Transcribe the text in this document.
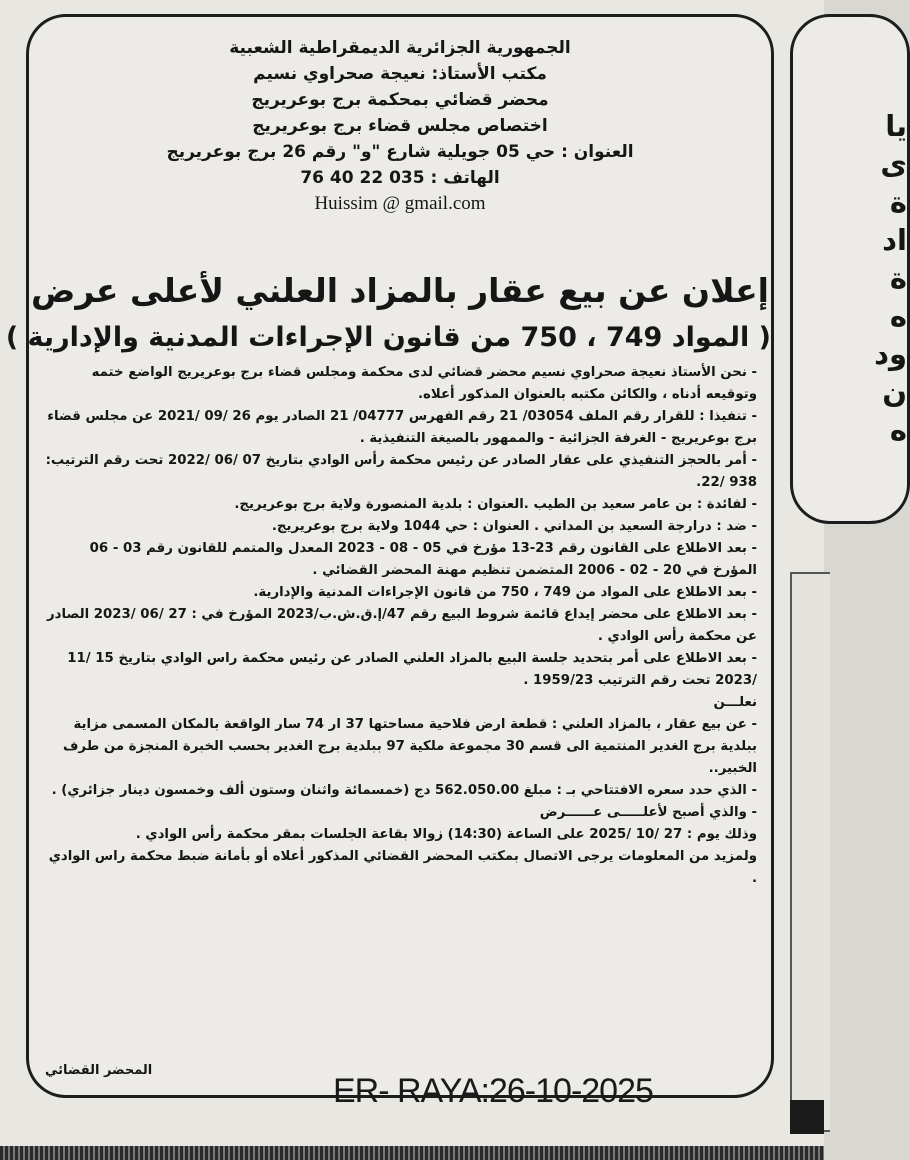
الجمهورية الجزائرية الديمقراطية الشعبية
مكتب الأستاذ: نعيجة صحراوي نسيم
محضر قضائي بمحكمة برج بوعريريج
اختصاص مجلس قضاء برج بوعريريج
العنوان : حي 05 جويلية شارع "و" رقم 26 برج بوعريريج
الهاتف : 035 22 40 76
Huissim @ gmail.com
إعلان عن بيع عقار بالمزاد العلني لأعلى عرض
( المواد 749 ، 750 من قانون الإجراءات المدنية والإدارية )

- نحن الأستاذ نعيجة صحراوي نسيم محضر قضائي لدى محكمة ومجلس قضاء برج بوعريريج الواضع ختمه وتوقيعه أدناه ، والكائن مكتبه بالعنوان المذكور أعلاه.

- تنفيذا : للقرار رقم الملف 03054/ 21 رقم الفهرس 04777/ 21 الصادر يوم 26 /09 /2021 عن مجلس قضاء برج بوعريريج - الغرفة الجزائية - والممهور بالصيغة التنفيذية .

- أمر بالحجز التنفيذي على عقار الصادر عن رئيس محكمة رأس الوادي بتاريخ 07 /06 /2022 تحت رقم الترتيب: 938 /22.

- لفائدة : بن عامر سعيد بن الطيب .العنوان : بلدية المنصورة ولاية برج بوعريريج.

- ضد : درارجة السعيد بن المداني . العنوان : حي 1044 ولاية برج بوعريريج.

- بعد الاطلاع على القانون رقم 23-13 مؤرخ في 05 - 08 - 2023 المعدل والمتمم للقانون رقم 03 - 06 المؤرخ في 20 - 02 - 2006 المتضمن تنظيم مهنة المحضر القضائي .

- بعد الاطلاع على المواد من 749 ، 750 من قانون الإجراءات المدنية والإدارية.

- بعد الاطلاع على محضر إيداع قائمة شروط البيع رقم 47/إ.ق.ش.ب/2023 المؤرخ في : 27 /06 /2023 الصادر عن محكمة رأس الوادي .

- بعد الاطلاع على أمر بتحديد جلسة البيع بالمزاد العلني الصادر عن رئيس محكمة راس الوادي بتاريخ 15 /11 /2023 تحت رقم الترتيب 1959/23 .

نعلـــن

- عن بيع عقار ، بالمزاد العلني : قطعة ارض فلاحية مساحتها 37 ار 74 سار الواقعة بالمكان المسمى مزاية ببلدية برج الغدير المنتمية الى قسم 30 مجموعة ملكية 97 ببلدية برج الغدير بحسب الخبرة المنجزة من طرف الخبير..

- الذي حدد سعره الافتتاحي بـ : مبلغ 562.050.00 دج (خمسمائة واثنان وستون ألف وخمسون دينار جزائري) .

- والذي أصبح لأعلـــــى عــــــرض

وذلك يوم : 27 /10 /2025 على الساعة (14:30) زوالا بقاعة الجلسات بمقر محكمة رأس الوادي .

ولمزيد من المعلومات يرجى الاتصال بمكتب المحضر القضائي المذكور أعلاه أو بأمانة ضبط محكمة راس الوادي .

المحضر القضائي
ER- RAYA:26-10-2025
يا
ى
ة
اد
ة
ه
ود
ن
ه
